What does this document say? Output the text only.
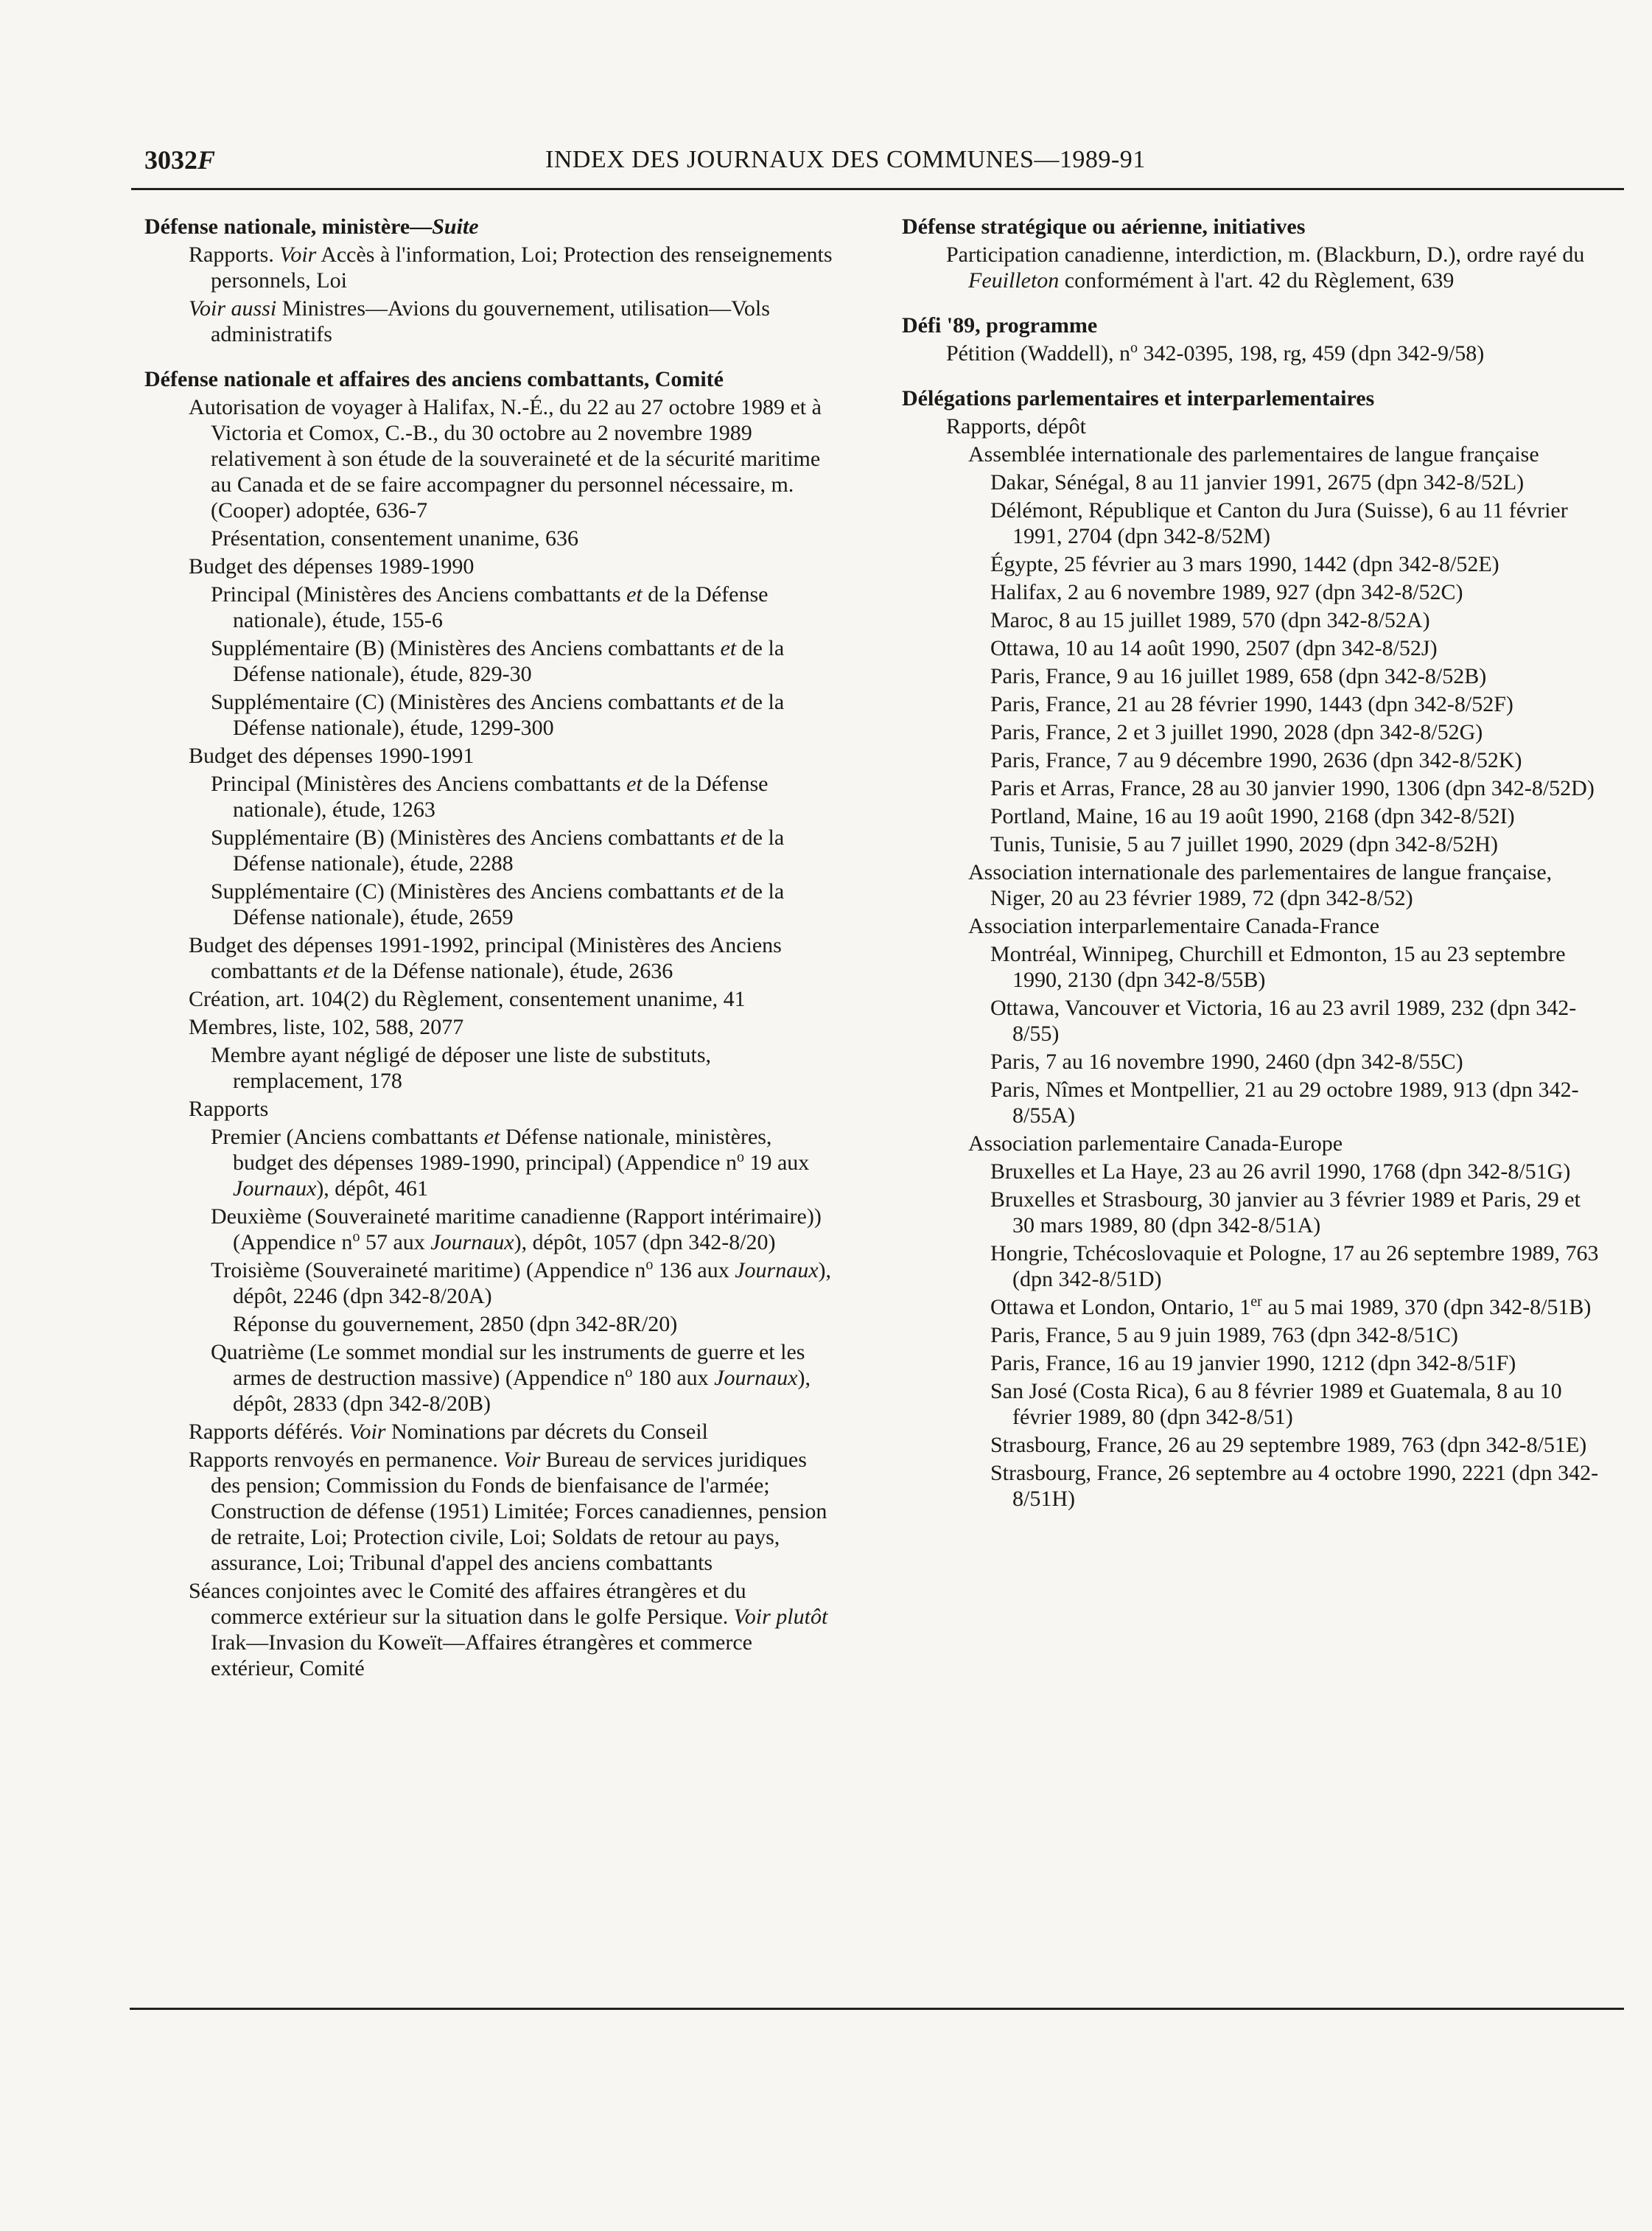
3032F	INDEX DES JOURNAUX DES COMMUNES—1989-91
Défense nationale, ministère—Suite
Rapports. Voir Accès à l'information, Loi; Protection des renseignements personnels, Loi
Voir aussi Ministres—Avions du gouvernement, utilisation—Vols administratifs
Défense nationale et affaires des anciens combattants, Comité
Autorisation de voyager à Halifax, N.-É., du 22 au 27 octobre 1989 et à Victoria et Comox, C.-B., du 30 octobre au 2 novembre 1989 relativement à son étude de la souveraineté et de la sécurité maritime au Canada et de se faire accompagner du personnel nécessaire, m. (Cooper) adoptée, 636-7
Présentation, consentement unanime, 636
Budget des dépenses 1989-1990
Principal (Ministères des Anciens combattants et de la Défense nationale), étude, 155-6
Supplémentaire (B) (Ministères des Anciens combattants et de la Défense nationale), étude, 829-30
Supplémentaire (C) (Ministères des Anciens combattants et de la Défense nationale), étude, 1299-300
Budget des dépenses 1990-1991
Principal (Ministères des Anciens combattants et de la Défense nationale), étude, 1263
Supplémentaire (B) (Ministères des Anciens combattants et de la Défense nationale), étude, 2288
Supplémentaire (C) (Ministères des Anciens combattants et de la Défense nationale), étude, 2659
Budget des dépenses 1991-1992, principal (Ministères des Anciens combattants et de la Défense nationale), étude, 2636
Création, art. 104(2) du Règlement, consentement unanime, 41
Membres, liste, 102, 588, 2077
Membre ayant négligé de déposer une liste de substituts, remplacement, 178
Rapports
Premier (Anciens combattants et Défense nationale, ministères, budget des dépenses 1989-1990, principal) (Appendice $n^o$ 19 aux Journaux), dépôt, 461
Deuxième (Souveraineté maritime canadienne (Rapport intérimaire)) (Appendice $n^o$ 57 aux Journaux), dépôt, 1057 (dpn 342-8/20)
Troisième (Souveraineté maritime) (Appendice $n^o$ 136 aux Journaux), dépôt, 2246 (dpn 342-8/20A)
Réponse du gouvernement, 2850 (dpn 342-8R/20)
Quatrième (Le sommet mondial sur les instruments de guerre et les armes de destruction massive) (Appendice $n^o$ 180 aux Journaux), dépôt, 2833 (dpn 342-8/20B)
Rapports déférés. Voir Nominations par décrets du Conseil
Rapports renvoyés en permanence. Voir Bureau de services juridiques des pension; Commission du Fonds de bienfaisance de l'armée; Construction de défense (1951) Limitée; Forces canadiennes, pension de retraite, Loi; Protection civile, Loi; Soldats de retour au pays, assurance, Loi; Tribunal d'appel des anciens combattants
Séances conjointes avec le Comité des affaires étrangères et du commerce extérieur sur la situation dans le golfe Persique. Voir plutôt Irak—Invasion du Koweït—Affaires étrangères et commerce extérieur, Comité
Défense stratégique ou aérienne, initiatives
Participation canadienne, interdiction, m. (Blackburn, D.), ordre rayé du Feuilleton conformément à l'art. 42 du Règlement, 639
Défi '89, programme
Pétition (Waddell), $n^o$ 342-0395, 198, rg, 459 (dpn 342-9/58)
Délégations parlementaires et interparlementaires
Rapports, dépôt
Assemblée internationale des parlementaires de langue française
Dakar, Sénégal, 8 au 11 janvier 1991, 2675 (dpn 342-8/52L)
Délémont, République et Canton du Jura (Suisse), 6 au 11 février 1991, 2704 (dpn 342-8/52M)
Égypte, 25 février au 3 mars 1990, 1442 (dpn 342-8/52E)
Halifax, 2 au 6 novembre 1989, 927 (dpn 342-8/52C)
Maroc, 8 au 15 juillet 1989, 570 (dpn 342-8/52A)
Ottawa, 10 au 14 août 1990, 2507 (dpn 342-8/52J)
Paris, France, 9 au 16 juillet 1989, 658 (dpn 342-8/52B)
Paris, France, 21 au 28 février 1990, 1443 (dpn 342-8/52F)
Paris, France, 2 et 3 juillet 1990, 2028 (dpn 342-8/52G)
Paris, France, 7 au 9 décembre 1990, 2636 (dpn 342-8/52K)
Paris et Arras, France, 28 au 30 janvier 1990, 1306 (dpn 342-8/52D)
Portland, Maine, 16 au 19 août 1990, 2168 (dpn 342-8/52I)
Tunis, Tunisie, 5 au 7 juillet 1990, 2029 (dpn 342-8/52H)
Association internationale des parlementaires de langue française, Niger, 20 au 23 février 1989, 72 (dpn 342-8/52)
Association interparlementaire Canada-France
Montréal, Winnipeg, Churchill et Edmonton, 15 au 23 septembre 1990, 2130 (dpn 342-8/55B)
Ottawa, Vancouver et Victoria, 16 au 23 avril 1989, 232 (dpn 342-8/55)
Paris, 7 au 16 novembre 1990, 2460 (dpn 342-8/55C)
Paris, Nîmes et Montpellier, 21 au 29 octobre 1989, 913 (dpn 342-8/55A)
Association parlementaire Canada-Europe
Bruxelles et La Haye, 23 au 26 avril 1990, 1768 (dpn 342-8/51G)
Bruxelles et Strasbourg, 30 janvier au 3 février 1989 et Paris, 29 et 30 mars 1989, 80 (dpn 342-8/51A)
Hongrie, Tchécoslovaquie et Pologne, 17 au 26 septembre 1989, 763 (dpn 342-8/51D)
Ottawa et London, Ontario, 1er au 5 mai 1989, 370 (dpn 342-8/51B)
Paris, France, 5 au 9 juin 1989, 763 (dpn 342-8/51C)
Paris, France, 16 au 19 janvier 1990, 1212 (dpn 342-8/51F)
San José (Costa Rica), 6 au 8 février 1989 et Guatemala, 8 au 10 février 1989, 80 (dpn 342-8/51)
Strasbourg, France, 26 au 29 septembre 1989, 763 (dpn 342-8/51E)
Strasbourg, France, 26 septembre au 4 octobre 1990, 2221 (dpn 342-8/51H)
